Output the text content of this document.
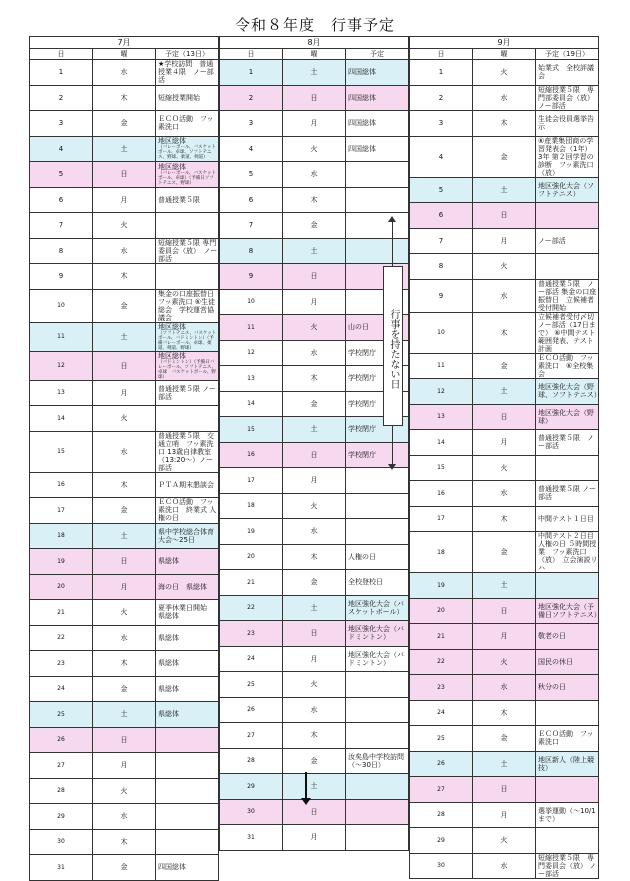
令和８年度　行事予定
7月		
日	曜	予定（13日）
1	水	★学校訪問　普通授業４限　ノー部活
2	木	短縮授業開始
3	金	ＥＣＯ活動　フッ素洗口
4	土	地区総体
（バレーボール、バスケットボール、卓球、ソフトテニス、野球、柔道、剣道）

5	日	地区総体
（バレーボール、バスケットボール、卓球）（予備日ソフトテニス、野球）

6	月	普通授業５限
7	火	
8	水	短縮授業５限 専門委員会（放）　ノー部活
9	木	
10	金	集金の口座振替日　フッ素洗口 ⑥生徒総会　学校運営協議会
11	土	地区総体
（ソフトテニス、バスケットボール、バドミントン）（予備バレーボール、卓球、柔道、剣道、野球）

12	日	地区総体
（バドミントン）（予備日バレーボール、ソフトテニス、卓球　バスケットボール、野球）

13	月	普通授業５限 ノー部活
14	火	
15	水	普通授業５限　交通立哨　フッ素洗口 13歳自律教室（13:20～）ノー部活
16	木	ＰＴＡ期末懇談会
17	金	ＥＣＯ活動　フッ素洗口　終業式 人権の日
18	土	県中学校総合体育大会～25日
19	日	県総体
20	月	海の日　県総体
21	火	夏季休業日開始　県総体
22	水	県総体
23	木	県総体
24	金	県総体
25	土	県総体
26	日	
27	月	
28	火	
29	水	
30	木	
31	金	四国総体
8月		
日	曜	予定
1	土	四国総体
2	日	四国総体
3	月	四国総体
4	火	四国総体
5	水	
6	木	
7	金	
8	土	
9	日	
10	月	
11	火	山の日
12	水	学校閉庁
13	木	学校閉庁
14	金	学校閉庁
15	土	学校閉庁
16	日	学校閉庁
17	月	
18	火	
19	水	
20	木	人権の日
21	金	全校登校日
22	土	地区強化大会（バスケットボール）
23	日	地区強化大会（バドミントン）
24	月	地区強化大会（バドミントン）
25	火	
26	水	
27	木	
28	金	汝矣島中学校訪問（～30日）
29	土	
30	日	
31	月	
9月		
日	曜	予定（19日）
1	火	始業式　全校評議会
2	水	短縮授業５限　専門部委員会（放） ノー部活
3	木	生徒会役員選挙告示
4	金	⑥産業集団商の学習発表会（1年） 3年 第２回学習の診断　フッ素洗口（放）
5	土	地区強化大会（ソフトテニス）
6	日	
7	月	ノー部活
8	火	
9	水	普通授業５限　ノー部活 集金の口座振替日　立候補者受付開始
10	木	立候補者受付〆切　ノー部活（17日まで） ⑥中間テスト範囲発表、テスト計画
11	金	ＥＣＯ活動　フッ素洗口　⑥全校集会
12	土	地区強化大会（野球、ソフトテニス）
13	日	地区強化大会（野球）
14	月	普通授業５限　ノー部活
15	火	
16	水	普通授業５限 ノー部活
17	木	中間テスト１日目
18	金	中間テスト２日目　人権の日 ５時間授業　フッ素洗口（放）　立会演説リハ
19	土	
20	日	地区強化大会（予備日ソフトテニス）
21	月	敬老の日
22	火	国民の休日
23	水	秋分の日
24	木	
25	金	ＥＣＯ活動　フッ素洗口
26	土	地区新人（陸上競技）
27	日	
28	月	選挙運動（～10/1まで）
29	火	
30	水	短縮授業５限　専門委員会（放） ノー部活
行事を持たない日
